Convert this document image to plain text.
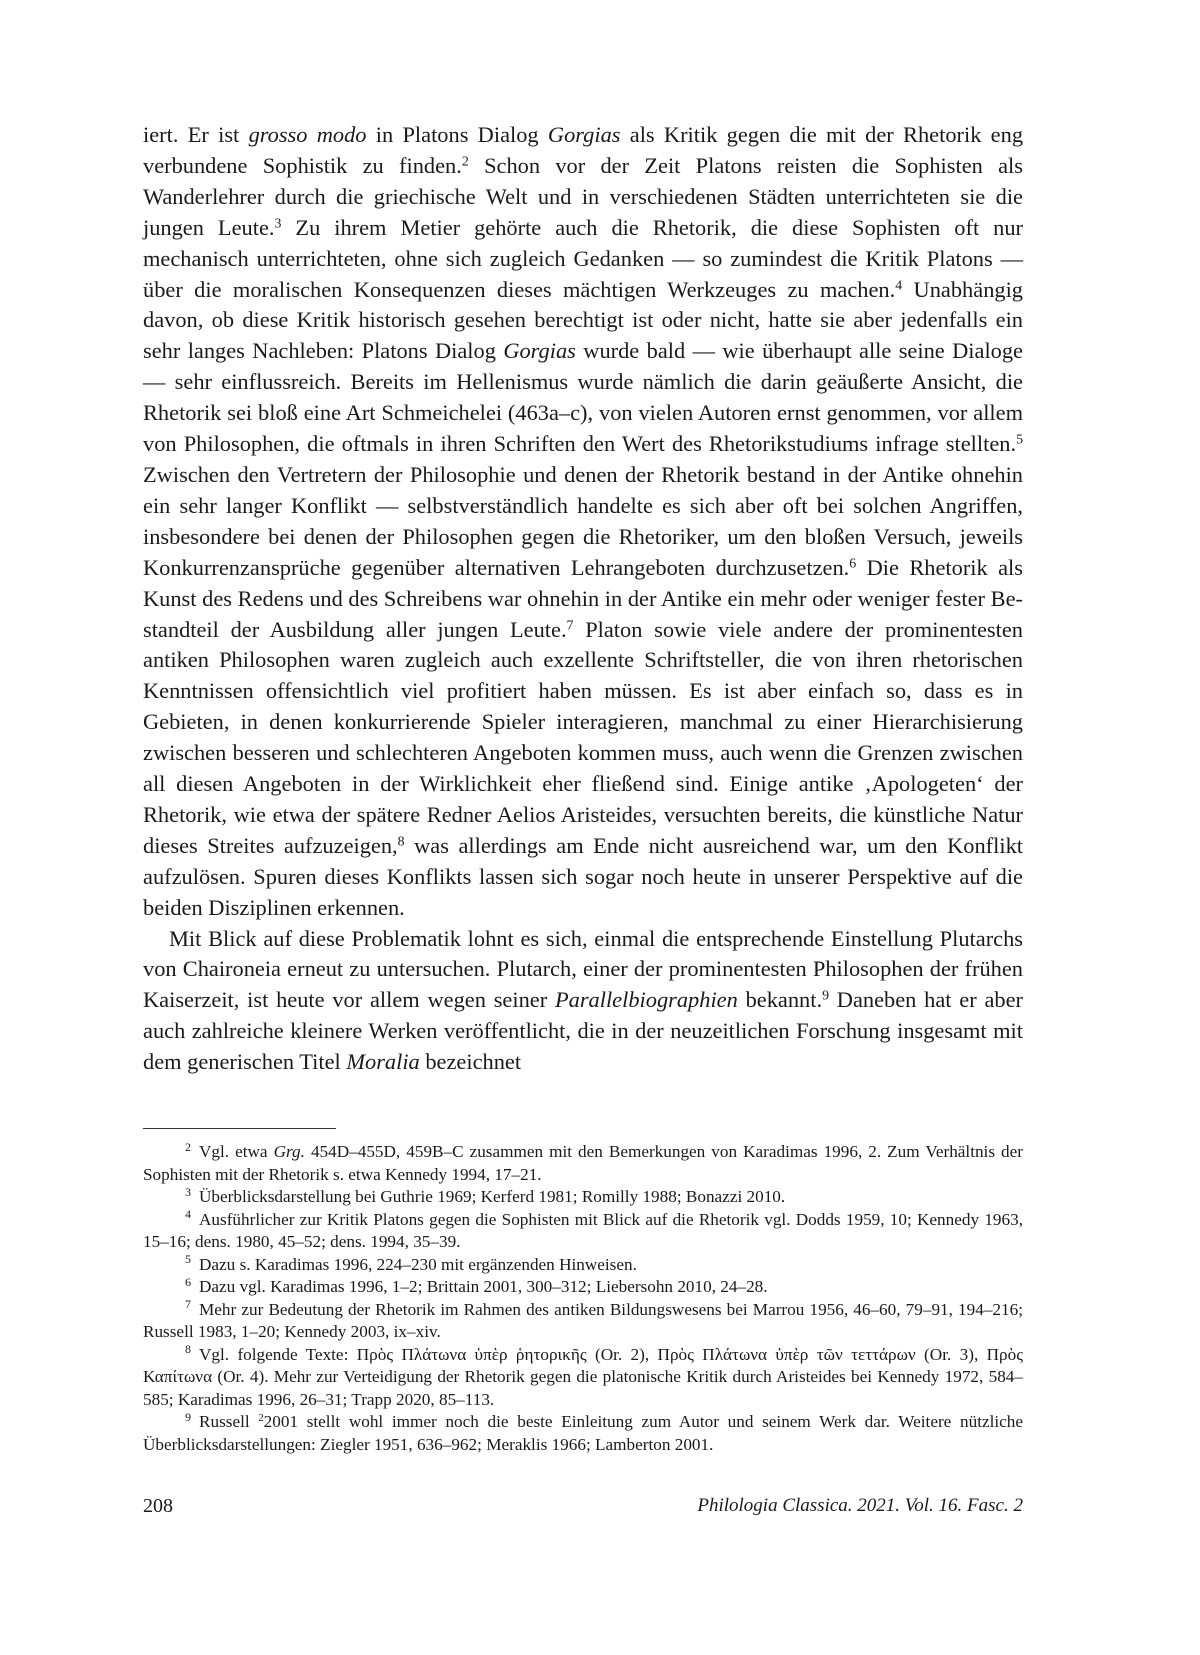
iert. Er ist grosso modo in Platons Dialog Gorgias als Kritik gegen die mit der Rhetorik eng verbundene Sophistik zu finden.$^2$ Schon vor der Zeit Platons reisten die Sophisten als Wanderlehrer durch die griechische Welt und in verschiedenen Städten unterrichteten sie die jungen Leute.$^3$ Zu ihrem Metier gehörte auch die Rhetorik, die diese Sophisten oft nur mechanisch unterrichteten, ohne sich zugleich Gedanken — so zumindest die Kritik Platons — über die moralischen Konsequenzen dieses mächtigen Werkzeuges zu machen.$^4$ Unabhängig davon, ob diese Kritik historisch gesehen berechtigt ist oder nicht, hatte sie aber jedenfalls ein sehr langes Nachleben: Platons Dialog Gorgias wurde bald — wie überhaupt alle seine Dialoge — sehr einflussreich. Bereits im Hellenismus wurde nämlich die darin geäußerte Ansicht, die Rhetorik sei bloß eine Art Schmeichelei (463a–c), von vielen Autoren ernst genommen, vor allem von Philosophen, die oftmals in ihren Schriften den Wert des Rhetorikstudiums infrage stellten.$^5$ Zwischen den Vertretern der Philosophie und denen der Rhetorik bestand in der Antike ohnehin ein sehr langer Konflikt — selbstverständlich handelte es sich aber oft bei solchen Angriffen, insbesondere bei denen der Philosophen gegen die Rhetoriker, um den bloßen Versuch, jeweils Konkurrenzansprüche gegenüber alternativen Lehrangeboten durchzusetzen.$^6$ Die Rhetorik als Kunst des Redens und des Schreibens war ohnehin in der Antike ein mehr oder weniger fester Bestandteil der Ausbildung aller jungen Leute.$^7$ Platon sowie viele andere der prominentesten antiken Philosophen waren zugleich auch exzellente Schriftsteller, die von ihren rhetorischen Kenntnissen offensichtlich viel profitiert haben müssen. Es ist aber einfach so, dass es in Gebieten, in denen konkurrierende Spieler interagieren, manchmal zu einer Hierarchisierung zwischen besseren und schlechteren Angeboten kommen muss, auch wenn die Grenzen zwischen all diesen Angeboten in der Wirklichkeit eher fließend sind. Einige antike ‚Apologeten‘ der Rhetorik, wie etwa der spätere Redner Aelios Aristeides, versuchten bereits, die künstliche Natur dieses Streites aufzuzeigen,$^8$ was allerdings am Ende nicht ausreichend war, um den Konflikt aufzulösen. Spuren dieses Konflikts lassen sich sogar noch heute in unserer Perspektive auf die beiden Disziplinen erkennen.

Mit Blick auf diese Problematik lohnt es sich, einmal die entsprechende Einstellung Plutarchs von Chaironeia erneut zu untersuchen. Plutarch, einer der prominentesten Philosophen der frühen Kaiserzeit, ist heute vor allem wegen seiner Parallelbiographien bekannt.$^9$ Daneben hat er aber auch zahlreiche kleinere Werken veröffentlicht, die in der neuzeitlichen Forschung insgesamt mit dem generischen Titel Moralia bezeichnet

$^2$ Vgl. etwa Grg. 454D–455D, 459B–C zusammen mit den Bemerkungen von Karadimas 1996, 2. Zum Verhältnis der Sophisten mit der Rhetorik s. etwa Kennedy 1994, 17–21.

$^3$ Überblicksdarstellung bei Guthrie 1969; Kerferd 1981; Romilly 1988; Bonazzi 2010.

$^4$ Ausführlicher zur Kritik Platons gegen die Sophisten mit Blick auf die Rhetorik vgl. Dodds 1959, 10; Kennedy 1963, 15–16; dens. 1980, 45–52; dens. 1994, 35–39.

$^5$ Dazu s. Karadimas 1996, 224–230 mit ergänzenden Hinweisen.

$^6$ Dazu vgl. Karadimas 1996, 1–2; Brittain 2001, 300–312; Liebersohn 2010, 24–28.

$^7$ Mehr zur Bedeutung der Rhetorik im Rahmen des antiken Bildungswesens bei Marrou 1956, 46–60, 79–91, 194–216; Russell 1983, 1–20; Kennedy 2003, ix–xiv.

$^8$ Vgl. folgende Texte: Πρὸς Πλάτωνα ὑπὲρ ῥητορικῆς (Or. 2), Πρὸς Πλάτωνα ὑπὲρ τῶν τεττάρων (Or. 3), Πρὸς Καπίτωνα (Or. 4). Mehr zur Verteidigung der Rhetorik gegen die platonische Kritik durch Aristeides bei Kennedy 1972, 584–585; Karadimas 1996, 26–31; Trapp 2020, 85–113.

$^9$ Russell $^2$2001 stellt wohl immer noch die beste Einleitung zum Autor und seinem Werk dar. Weitere nützliche Überblicksdarstellungen: Ziegler 1951, 636–962; Meraklis 1966; Lamberton 2001.

208	Philologia Classica. 2021. Vol. 16. Fasc. 2
